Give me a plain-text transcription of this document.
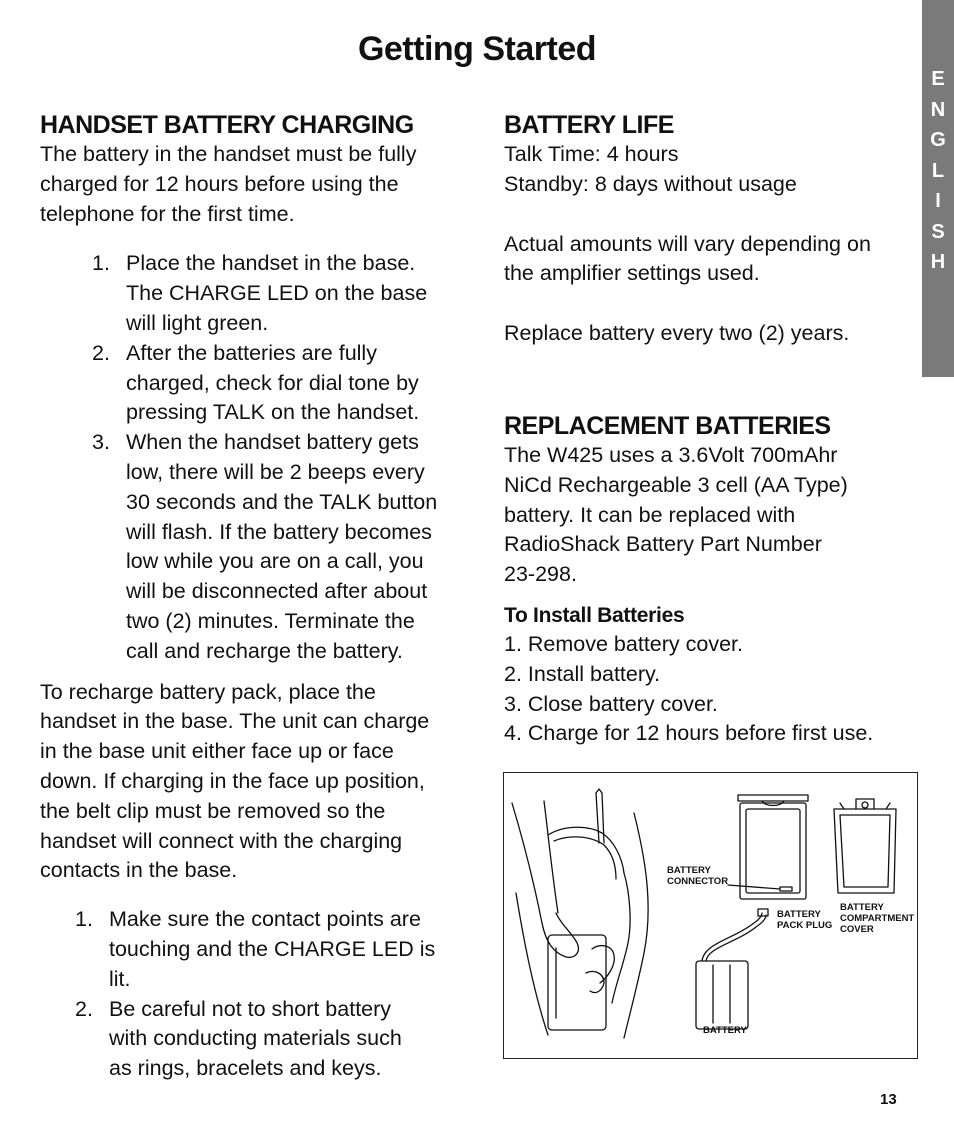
Getting Started
E
N
G
L
I
S
H
HANDSET BATTERY CHARGING

The battery in the handset must be fully
charged for 12 hours before using the
telephone for the first time.

1. Place the handset in the base.
The CHARGE LED on the base
will light green.
2. After the batteries are fully
charged, check for dial tone by
pressing TALK on the handset.
3. When the handset battery gets
low, there will be 2 beeps every
30 seconds and the TALK button
will flash. If the battery becomes
low while you are on a call, you
will be disconnected after about
two (2) minutes. Terminate the
call and recharge the battery.

To recharge battery pack, place the
handset in the base. The unit can charge
in the base unit either face up or face
down. If charging in the face up position,
the belt clip must be removed so the
handset will connect with the charging
contacts in the base.

1. Make sure the contact points are
touching and the CHARGE LED is
lit.
2. Be careful not to short battery
with conducting materials such
as rings, bracelets and keys.
BATTERY LIFE

Talk Time: 4 hours

Standby: 8 days without usage

Actual amounts will vary depending on
the amplifier settings used.

Replace battery every two (2) years.

REPLACEMENT BATTERIES

The W425 uses a 3.6Volt 700mAhr
NiCd Rechargeable 3 cell (AA Type)
battery. It can be replaced with
RadioShack Battery Part Number
23-298.

To Install Batteries

1. Remove battery cover.

2. Install battery.

3. Close battery cover.

4. Charge for 12 hours before first use.

BATTERY
CONNECTOR
BATTERY
PACK PLUG
BATTERY
COMPARTMENT
COVER
BATTERY
13
